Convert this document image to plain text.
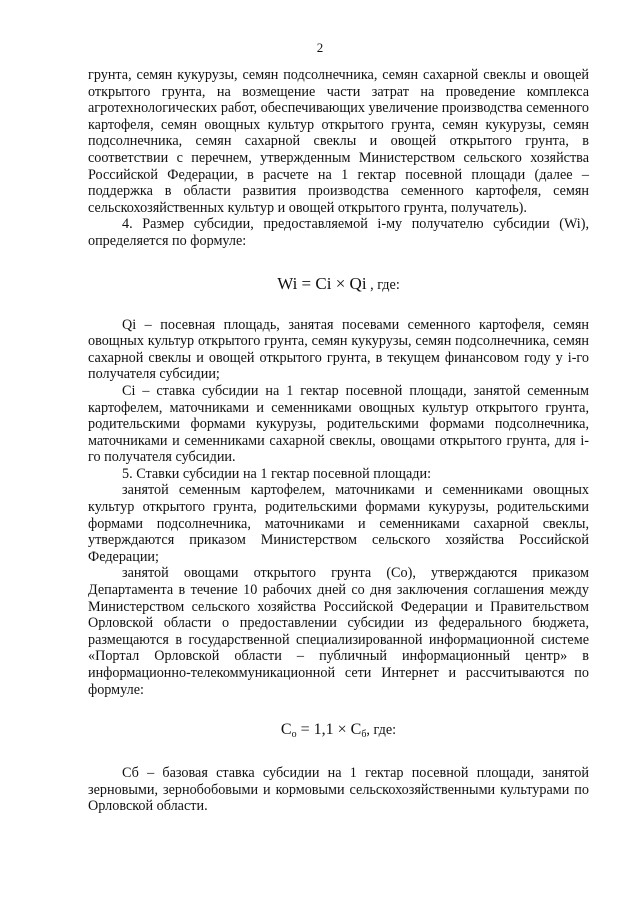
2

грунта, семян кукурузы, семян подсолнечника, семян сахарной свеклы и овощей открытого грунта, на возмещение части затрат на проведение комплекса агротехнологических работ, обеспечивающих увеличение производства семенного картофеля, семян овощных культур открытого грунта, семян кукурузы, семян подсолнечника, семян сахарной свеклы и овощей открытого грунта, в соответствии с перечнем, утвержденным Министерством сельского хозяйства Российской Федерации, в расчете на 1 гектар посевной площади (далее – поддержка в области развития производства семенного картофеля, семян сельскохозяйственных культур и овощей открытого грунта, получатель).

4. Размер субсидии, предоставляемой i-му получателю субсидии (Wi), определяется по формуле:

Wi = Ci × Qi , где:

Qi – посевная площадь, занятая посевами семенного картофеля, семян овощных культур открытого грунта, семян кукурузы, семян подсолнечника, семян сахарной свеклы и овощей открытого грунта, в текущем финансовом году у i-го получателя субсидии;

Ci – ставка субсидии на 1 гектар посевной площади, занятой семенным картофелем, маточниками и семенниками овощных культур открытого грунта, родительскими формами кукурузы, родительскими формами подсолнечника, маточниками и семенниками сахарной свеклы, овощами открытого грунта, для i-го получателя субсидии.

5. Ставки субсидии на 1 гектар посевной площади:

занятой семенным картофелем, маточниками и семенниками овощных культур открытого грунта, родительскими формами кукурузы, родительскими формами подсолнечника, маточниками и семенниками сахарной свеклы, утверждаются приказом Министерством сельского хозяйства Российской Федерации;

занятой овощами открытого грунта (Со), утверждаются приказом Департамента в течение 10 рабочих дней со дня заключения соглашения между Министерством сельского хозяйства Российской Федерации и Правительством Орловской области о предоставлении субсидии из федерального бюджета, размещаются в государственной специализированной информационной системе «Портал Орловской области – публичный информационный центр» в информационно-телекоммуникационной сети Интернет и рассчитываются по формуле:

$C_о = 1,1 \times C_б$, где:

Сб – базовая ставка субсидии на 1 гектар посевной площади, занятой зерновыми, зернобобовыми и кормовыми сельскохозяйственными культурами по Орловской области.
